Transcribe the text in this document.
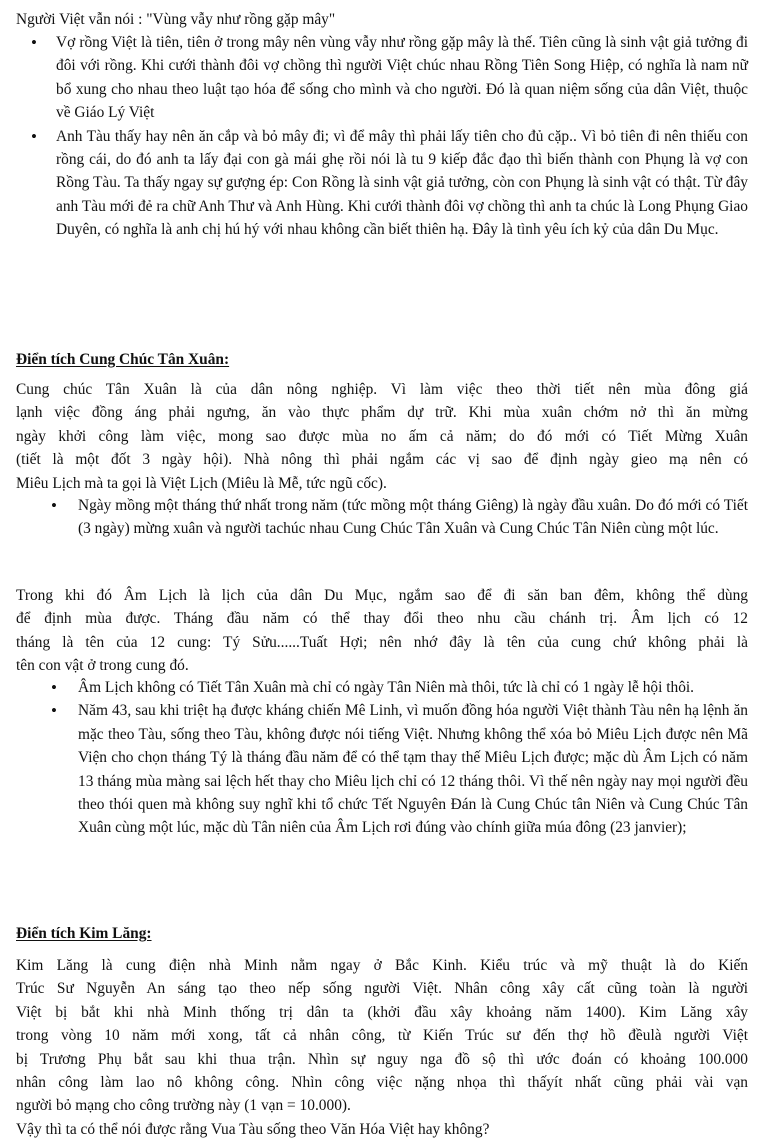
Người Việt vẫn nói : "Vùng vẫy như rồng gặp mây"
• Vợ rồng Việt là tiên, tiên ở trong mây nên vùng vẫy như rồng gặp mây là thế. Tiên cũng là sinh vật giả tưởng đi đôi với rồng. Khi cưới thành đôi vợ chồng thì người Việt chúc nhau Rồng Tiên Song Hiệp, có nghĩa là nam nữ bổ xung cho nhau theo luật tạo hóa để sống cho mình và cho người. Đó là quan niệm sống của dân Việt, thuộc về Giáo Lý Việt
• Anh Tàu thấy hay nên ăn cắp và bỏ mây đi; vì để mây thì phải lấy tiên cho đủ cặp.. Vì bỏ tiên đi nên thiếu con rồng cái, do đó anh ta lấy đại con gà mái ghẹ rồi nói là tu 9 kiếp đắc đạo thì biến thành con Phụng là vợ con Rồng Tàu. Ta thấy ngay sự gượng ép: Con Rồng là sinh vật giả tưởng, còn con Phụng là sinh vật có thật. Từ đây anh Tàu mới đẻ ra chữ Anh Thư và Anh Hùng. Khi cưới thành đôi vợ chồng thì anh ta chúc là Long Phụng Giao Duyên, có nghĩa là anh chị hú hý với nhau không cần biết thiên hạ. Đây là tình yêu ích kỷ của dân Du Mục.
Điển tích Cung Chúc Tân Xuân:
Cung chúc Tân Xuân là của dân nông nghiệp. Vì làm việc theo thời tiết nên mùa đông giá
lạnh việc đồng áng phải ngưng, ăn vào thực phẩm dự trữ. Khi mùa xuân chớm nở thì ăn mừng
ngày khởi công làm việc, mong sao được mùa no ấm cả năm; do đó mới có Tiết Mừng Xuân
(tiết là một đốt 3 ngày hội). Nhà nông thì phải ngắm các vị sao để định ngày gieo mạ nên có
Miêu Lịch mà ta gọi là Việt Lịch (Miêu là Mễ, tức ngũ cốc).
• Ngày mồng một tháng thứ nhất trong năm (tức mồng một tháng Giêng) là ngày đầu xuân. Do đó mới có Tiết (3 ngày) mừng xuân và người tachúc nhau Cung Chúc Tân Xuân và Cung Chúc Tân Niên cùng một lúc.
Trong khi đó Âm Lịch là lịch của dân Du Mục, ngắm sao để đi săn ban đêm, không thể dùng
để định mùa được. Tháng đầu năm có thể thay đổi theo nhu cầu chánh trị. Âm lịch có 12
tháng là tên của 12 cung: Tý Sửu......Tuất Hợi; nên nhớ đây là tên của cung chứ không phải là
tên con vật ở trong cung đó.
• Âm Lịch không có Tiết Tân Xuân mà chỉ có ngày Tân Niên mà thôi, tức là chỉ có 1 ngày lễ hội thôi.
• Năm 43, sau khi triệt hạ được kháng chiến Mê Linh, vì muốn đồng hóa người Việt thành Tàu nên hạ lệnh ăn mặc theo Tàu, sống theo Tàu, không được nói tiếng Việt. Nhưng không thể xóa bỏ Miêu Lịch được nên Mã Viện cho chọn tháng Tý là tháng đầu năm để có thể tạm thay thế Miêu Lịch được; mặc dù Âm Lịch có năm 13 tháng mùa màng sai lệch hết thay cho Miêu lịch chỉ có 12 tháng thôi. Vì thế nên ngày nay mọi người đều theo thói quen mà không suy nghĩ khi tổ chức Tết Nguyên Đán là Cung Chúc tân Niên và Cung Chúc Tân Xuân cùng một lúc, mặc dù Tân niên của Âm Lịch rơi đúng vào chính giữa múa đông (23 janvier);
Điển tích Kim Lăng:
Kim Lăng là cung điện nhà Minh nằm ngay ở Bắc Kinh. Kiểu trúc và mỹ thuật là do Kiến
Trúc Sư Nguyễn An sáng tạo theo nếp sống người Việt. Nhân công xây cất cũng toàn là người
Việt bị bắt khi nhà Minh thống trị dân ta (khởi đầu xây khoảng năm 1400). Kim Lăng xây
trong vòng 10 năm mới xong, tất cả nhân công, từ Kiến Trúc sư đến thợ hồ đềulà người Việt
bị Trương Phụ bắt sau khi thua trận. Nhìn sự nguy nga đồ sộ thì ước đoán có khoảng 100.000
nhân công làm lao nô không công. Nhìn công việc nặng nhọa thì thấyít nhất cũng phải vài vạn
người bỏ mạng cho công trường này (1 vạn = 10.000).
Vậy thì ta có thể nói được rằng Vua Tàu sống theo Văn Hóa Việt hay không?
